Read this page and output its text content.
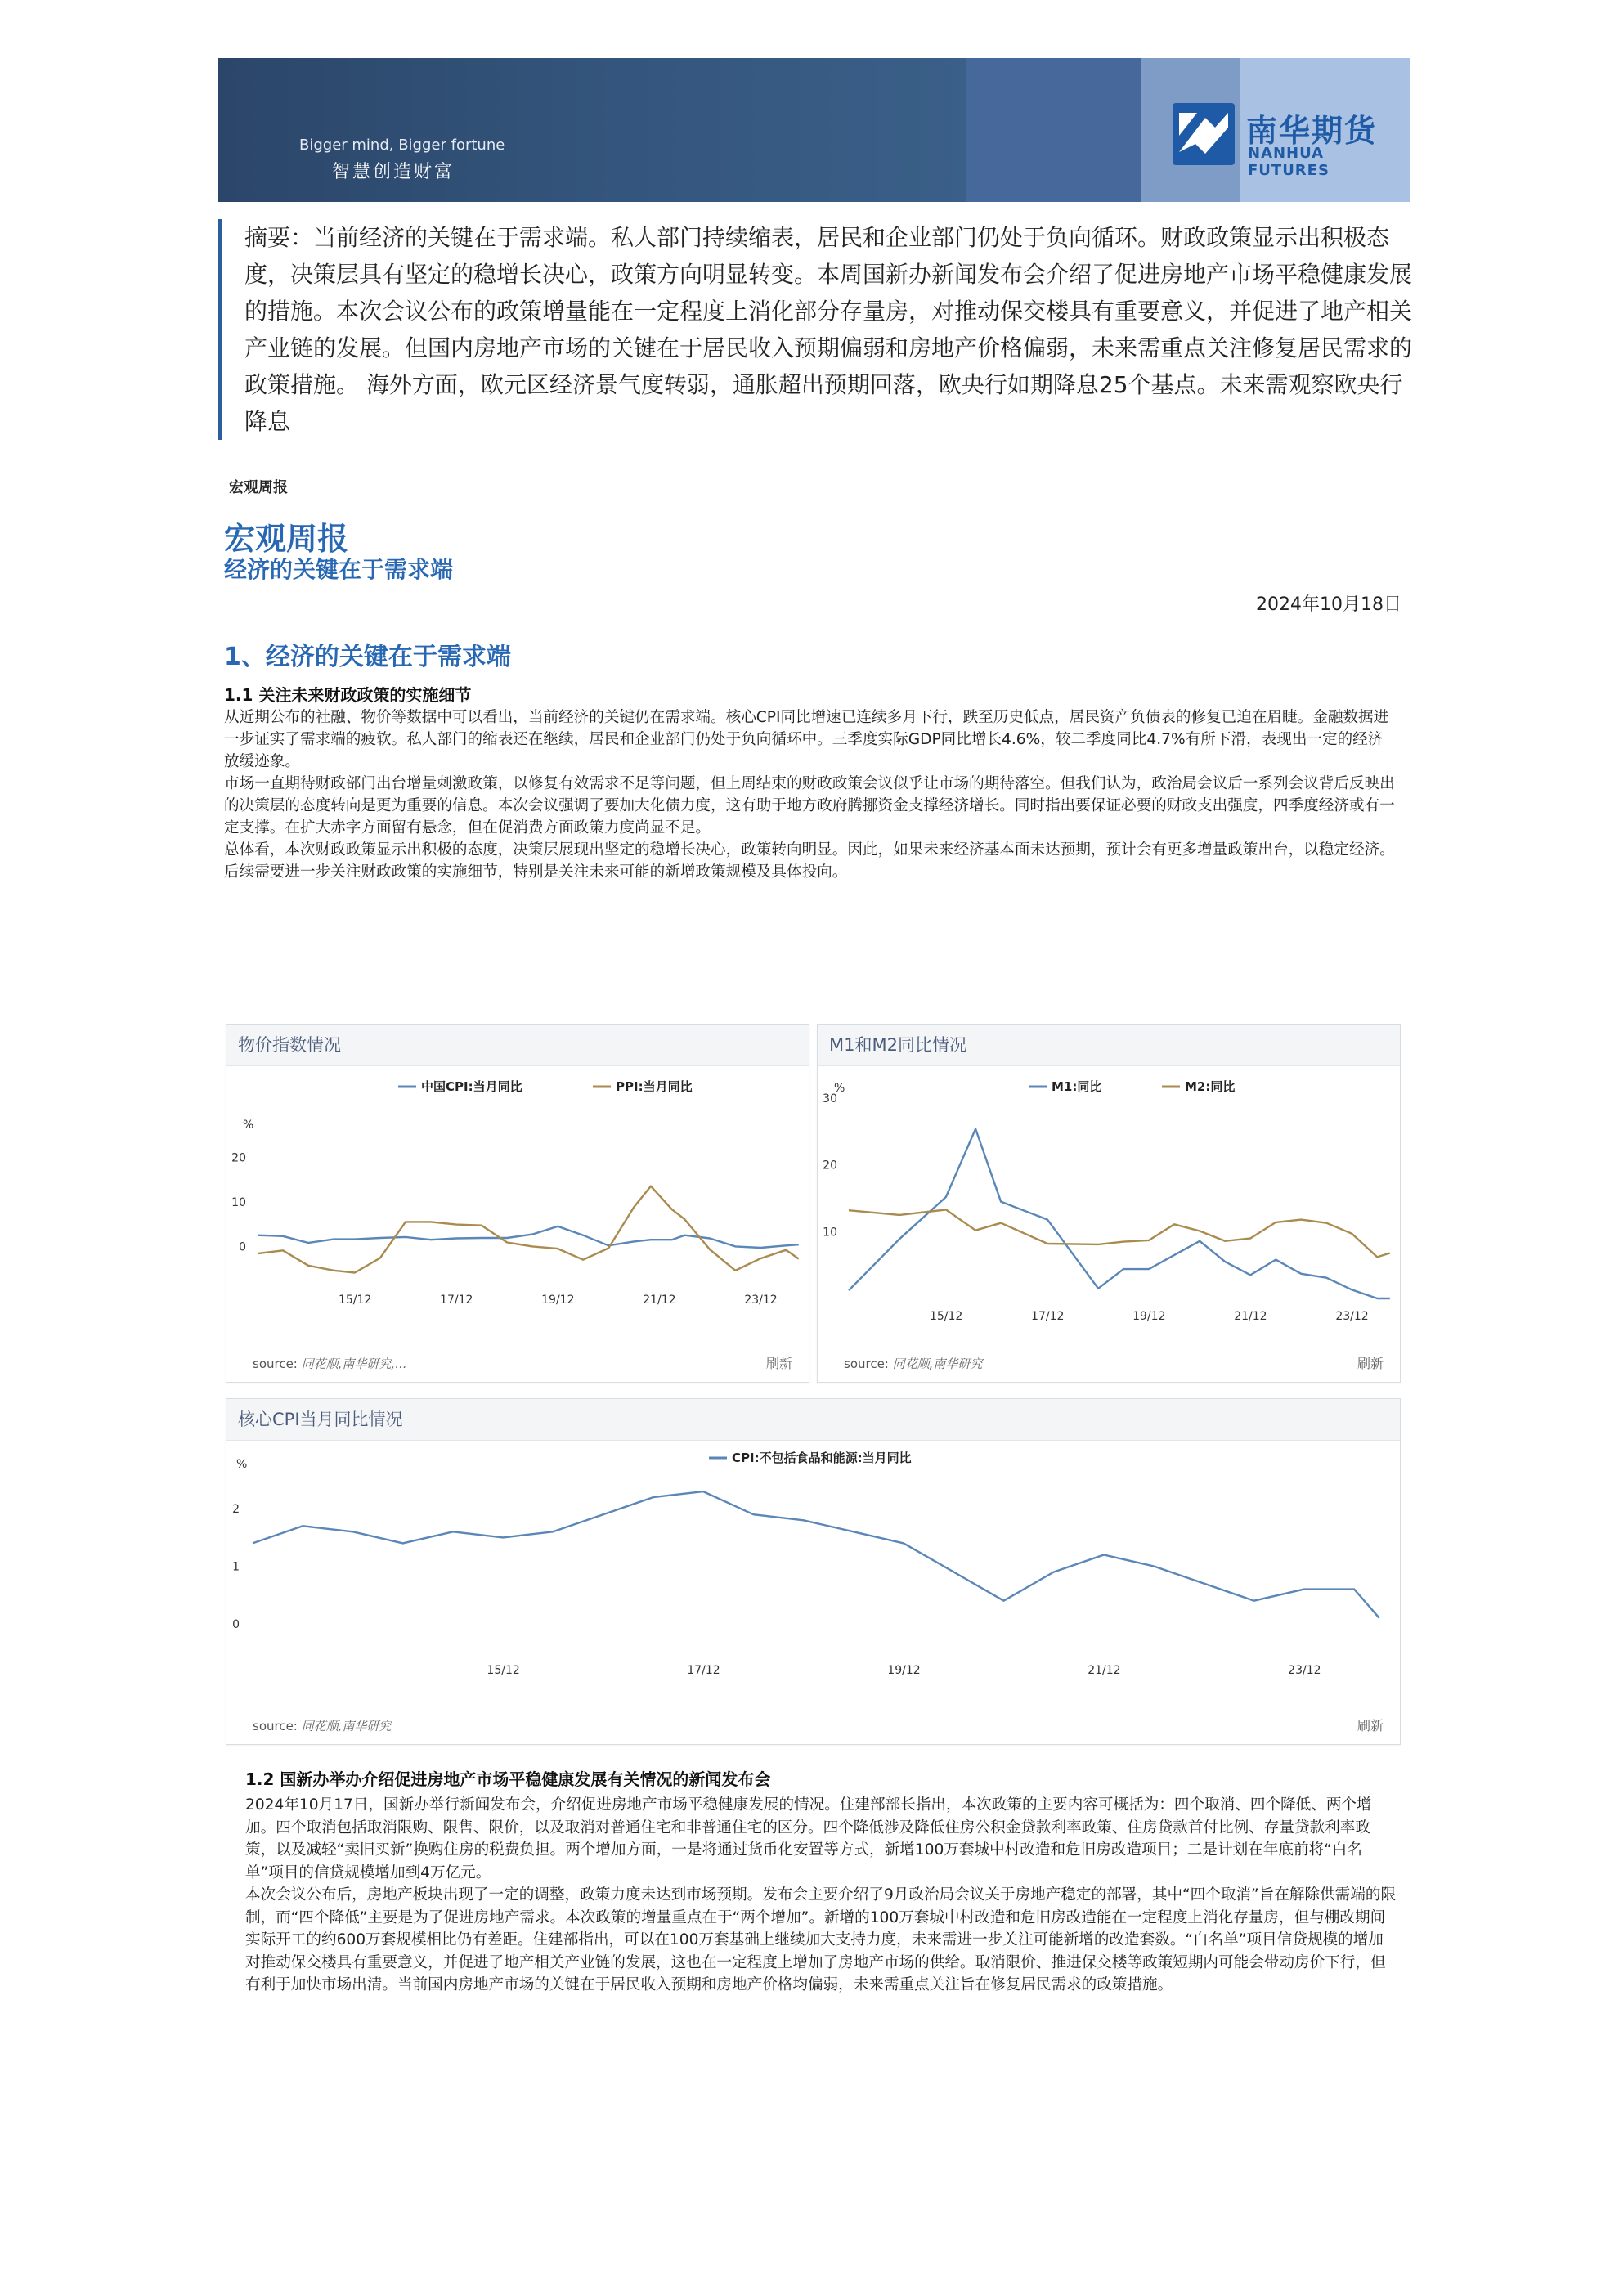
Bigger mind, Bigger fortune
智慧创造财富
南华期货
NANHUA FUTURES
摘要：当前经济的关键在于需求端。私人部门持续缩表，居民和企业部门仍处于负向循环。财政政策显示出积极态度，决策层具有坚定的稳增长决心，政策方向明显转变。本周国新办新闻发布会介绍了促进房地产市场平稳健康发展的措施。本次会议公布的政策增量能在一定程度上消化部分存量房，对推动保交楼具有重要意义，并促进了地产相关产业链的发展。但国内房地产市场的关键在于居民收入预期偏弱和房地产价格偏弱，未来需重点关注修复居民需求的政策措施。 海外方面，欧元区经济景气度转弱，通胀超出预期回落，欧央行如期降息25个基点。未来需观察欧央行降息
宏观周报
宏观周报
经济的关键在于需求端
2024年10月18日
1、经济的关键在于需求端
1.1 关注未来财政政策的实施细节

从近期公布的社融、物价等数据中可以看出，当前经济的关键仍在需求端。核心CPI同比增速已连续多月下行，跌至历史低点，居民资产负债表的修复已迫在眉睫。金融数据进一步证实了需求端的疲软。私人部门的缩表还在继续，居民和企业部门仍处于负向循环中。三季度实际GDP同比增长4.6%，较二季度同比4.7%有所下滑，表现出一定的经济放缓迹象。

市场一直期待财政部门出台增量刺激政策，以修复有效需求不足等问题，但上周结束的财政政策会议似乎让市场的期待落空。但我们认为，政治局会议后一系列会议背后反映出的决策层的态度转向是更为重要的信息。本次会议强调了要加大化债力度，这有助于地方政府腾挪资金支撑经济增长。同时指出要保证必要的财政支出强度，四季度经济或有一定支撑。在扩大赤字方面留有悬念，但在促消费方面政策力度尚显不足。

总体看，本次财政政策显示出积极的态度，决策层展现出坚定的稳增长决心，政策转向明显。因此，如果未来经济基本面未达预期，预计会有更多增量政策出台，以稳定经济。后续需要进一步关注财政政策的实施细节，特别是关注未来可能的新增政策规模及具体投向。

物价指数情况
%
0
10
20
15/12	17/12	19/12	21/12	23/12
中国CPI:当月同比	PPI:当月同比
source: 同花顺,南华研究,...	刷新
M1和M2同比情况
%
10
20
30
15/12	17/12	19/12	21/12	23/12
M1:同比	M2:同比
source: 同花顺,南华研究	刷新
核心CPI当月同比情况
%
0
1
2
15/12	17/12	19/12	21/12	23/12
CPI:不包括食品和能源:当月同比
source: 同花顺,南华研究	刷新
1.2 国新办举办介绍促进房地产市场平稳健康发展有关情况的新闻发布会

2024年10月17日，国新办举行新闻发布会，介绍促进房地产市场平稳健康发展的情况。住建部部长指出，本次政策的主要内容可概括为：四个取消、四个降低、两个增加。四个取消包括取消限购、限售、限价，以及取消对普通住宅和非普通住宅的区分。四个降低涉及降低住房公积金贷款利率政策、住房贷款首付比例、存量贷款利率政策，以及减轻“卖旧买新”换购住房的税费负担。两个增加方面，一是将通过货币化安置等方式，新增100万套城中村改造和危旧房改造项目；二是计划在年底前将“白名单”项目的信贷规模增加到4万亿元。

本次会议公布后，房地产板块出现了一定的调整，政策力度未达到市场预期。发布会主要介绍了9月政治局会议关于房地产稳定的部署，其中“四个取消”旨在解除供需端的限制，而“四个降低”主要是为了促进房地产需求。本次政策的增量重点在于“两个增加”。新增的100万套城中村改造和危旧房改造能在一定程度上消化存量房，但与棚改期间实际开工的约600万套规模相比仍有差距。住建部指出，可以在100万套基础上继续加大支持力度，未来需进一步关注可能新增的改造套数。“白名单”项目信贷规模的增加对推动保交楼具有重要意义，并促进了地产相关产业链的发展，这也在一定程度上增加了房地产市场的供给。取消限价、推进保交楼等政策短期内可能会带动房价下行，但有利于加快市场出清。当前国内房地产市场的关键在于居民收入预期和房地产价格均偏弱，未来需重点关注旨在修复居民需求的政策措施。
